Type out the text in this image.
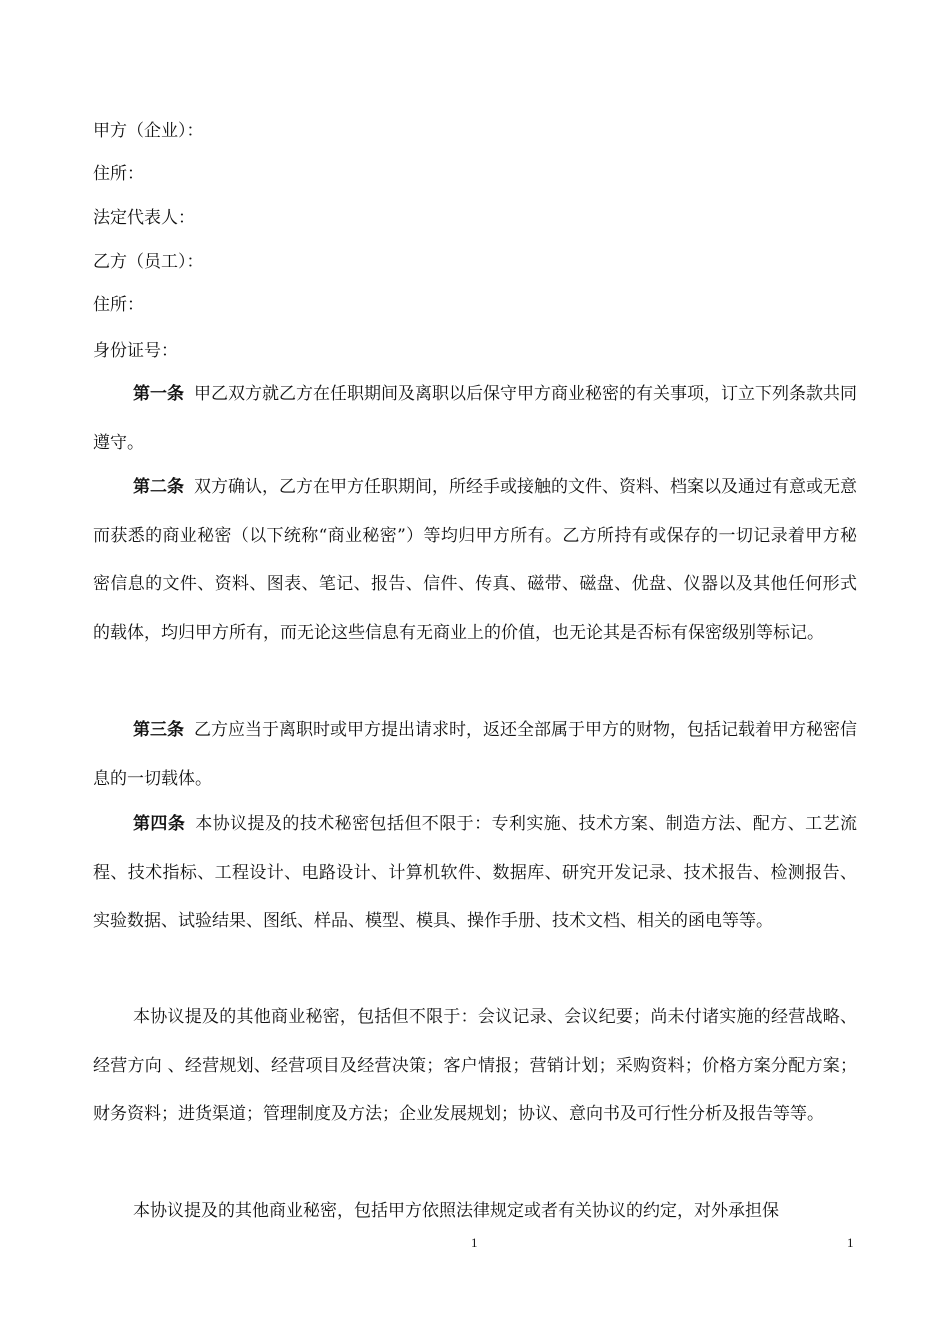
甲方（企业）：
住所：
法定代表人：
乙方（员工）：
住所：
身份证号：

第一条 甲乙双方就乙方在任职期间及离职以后保守甲方商业秘密的有关事项，订立下列条款共同遵守。

第二条 双方确认，乙方在甲方任职期间，所经手或接触的文件、资料、档案以及通过有意或无意而获悉的商业秘密（以下统称“商业秘密”）等均归甲方所有。乙方所持有或保存的一切记录着甲方秘密信息的文件、资料、图表、笔记、报告、信件、传真、磁带、磁盘、优盘、仪器以及其他任何形式的载体，均归甲方所有，而无论这些信息有无商业上的价值，也无论其是否标有保密级别等标记。

第三条 乙方应当于离职时或甲方提出请求时，返还全部属于甲方的财物，包括记载着甲方秘密信息的一切载体。

第四条 本协议提及的技术秘密包括但不限于：专利实施、技术方案、制造方法、配方、工艺流程、技术指标、工程设计、电路设计、计算机软件、数据库、研究开发记录、技术报告、检测报告、实验数据、试验结果、图纸、样品、模型、模具、操作手册、技术文档、相关的函电等等。

本协议提及的其他商业秘密，包括但不限于：会议记录、会议纪要；尚未付诸实施的经营战略、经营方向 、经营规划、经营项目及经营决策；客户情报；营销计划；采购资料；价格方案分配方案；财务资料；进货渠道；管理制度及方法；企业发展规划；协议、意向书及可行性分析及报告等等。

本协议提及的其他商业秘密，包括甲方依照法律规定或者有关协议的约定，对外承担保

1	1
